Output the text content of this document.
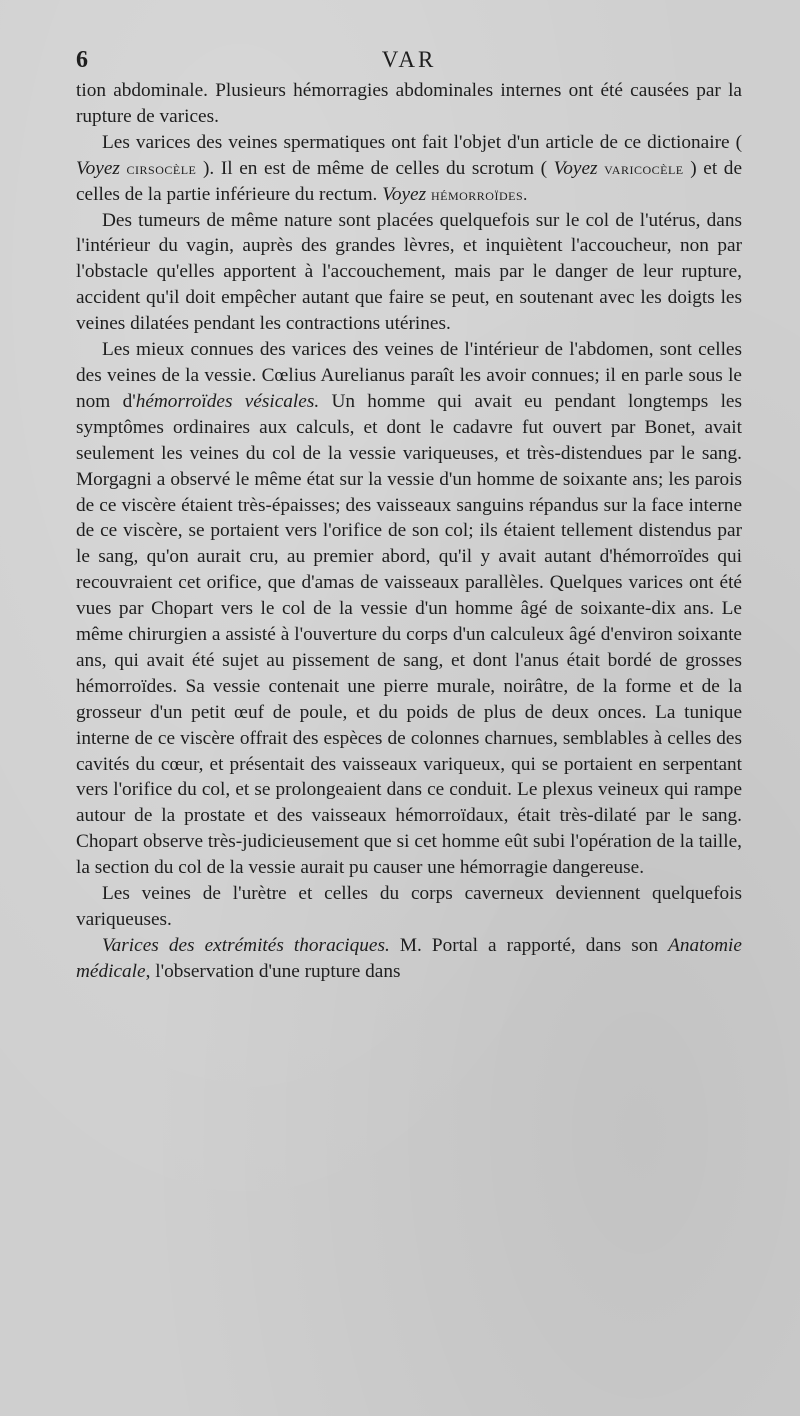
6	VAR

tion abdominale. Plusieurs hémorragies abdominales internes ont été causées par la rupture de varices.

Les varices des veines spermatiques ont fait l'objet d'un article de ce dictionaire ( Voyez cirsocèle ). Il en est de même de celles du scrotum ( Voyez varicocèle ) et de celles de la partie inférieure du rectum. Voyez hémorroïdes.

Des tumeurs de même nature sont placées quelquefois sur le col de l'utérus, dans l'intérieur du vagin, auprès des grandes lèvres, et inquiètent l'accoucheur, non par l'obstacle qu'elles apportent à l'accouchement, mais par le danger de leur rupture, accident qu'il doit empêcher autant que faire se peut, en soutenant avec les doigts les veines dilatées pendant les contractions utérines.

Les mieux connues des varices des veines de l'intérieur de l'abdomen, sont celles des veines de la vessie. Cœlius Aurelianus paraît les avoir connues; il en parle sous le nom d'hémorroïdes vésicales. Un homme qui avait eu pendant longtemps les symptômes ordinaires aux calculs, et dont le cadavre fut ouvert par Bonet, avait seulement les veines du col de la vessie variqueuses, et très-distendues par le sang. Morgagni a observé le même état sur la vessie d'un homme de soixante ans; les parois de ce viscère étaient très-épaisses; des vaisseaux sanguins répandus sur la face interne de ce viscère, se portaient vers l'orifice de son col; ils étaient tellement distendus par le sang, qu'on aurait cru, au premier abord, qu'il y avait autant d'hémorroïdes qui recouvraient cet orifice, que d'amas de vaisseaux parallèles. Quelques varices ont été vues par Chopart vers le col de la vessie d'un homme âgé de soixante-dix ans. Le même chirurgien a assisté à l'ouverture du corps d'un calculeux âgé d'environ soixante ans, qui avait été sujet au pissement de sang, et dont l'anus était bordé de grosses hémorroïdes. Sa vessie contenait une pierre murale, noirâtre, de la forme et de la grosseur d'un petit œuf de poule, et du poids de plus de deux onces. La tunique interne de ce viscère offrait des espèces de colonnes charnues, semblables à celles des cavités du cœur, et présentait des vaisseaux variqueux, qui se portaient en serpentant vers l'orifice du col, et se prolongeaient dans ce conduit. Le plexus veineux qui rampe autour de la prostate et des vaisseaux hémorroïdaux, était très-dilaté par le sang. Chopart observe très-judicieusement que si cet homme eût subi l'opération de la taille, la section du col de la vessie aurait pu causer une hémorragie dangereuse.

Les veines de l'urètre et celles du corps caverneux deviennent quelquefois variqueuses.

Varices des extrémités thoraciques. M. Portal a rapporté, dans son Anatomie médicale, l'observation d'une rupture dans
